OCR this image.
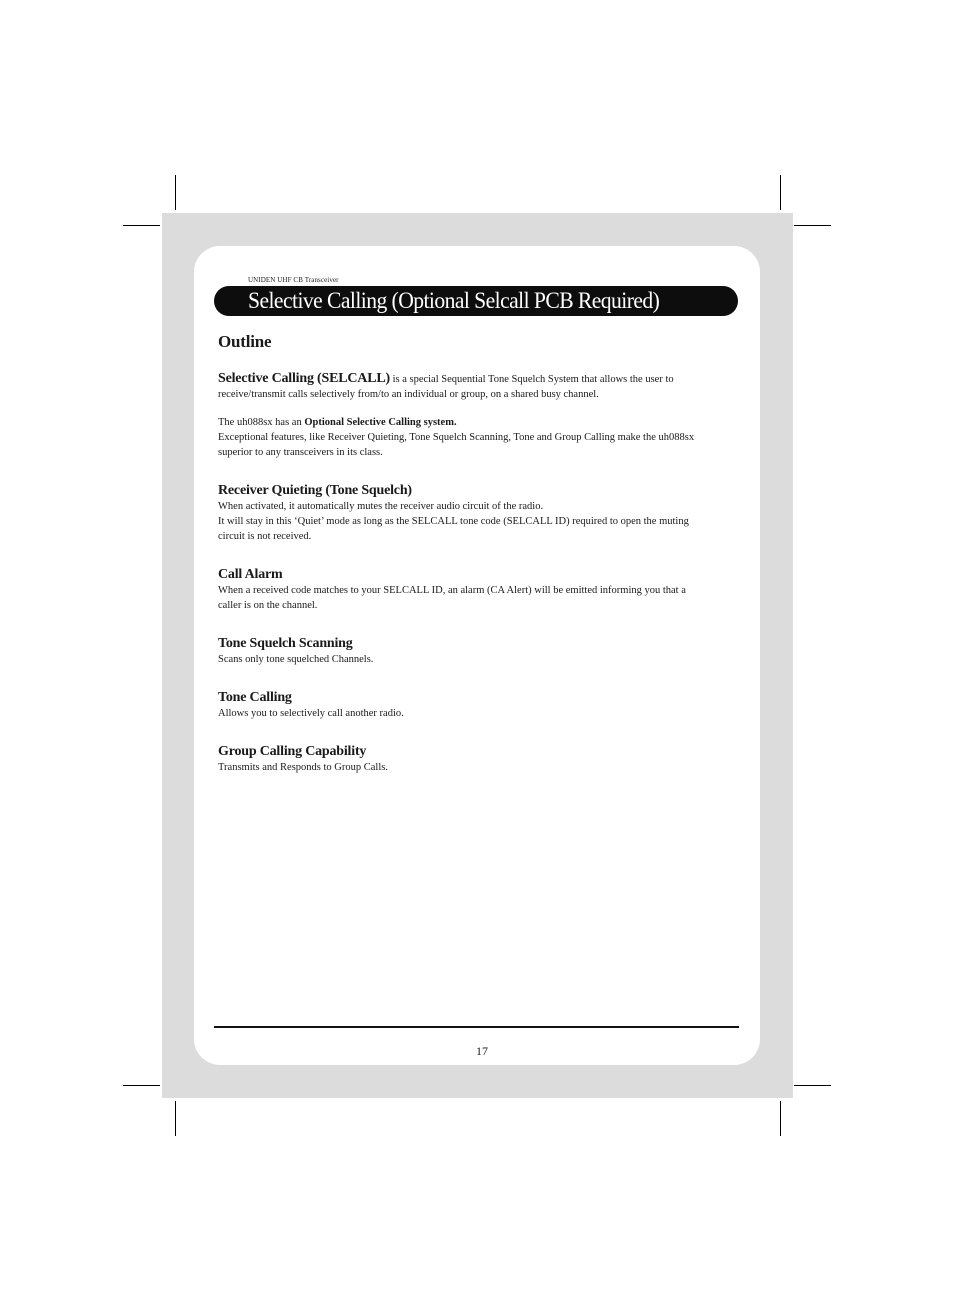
UNIDEN UHF CB Transceiver
Selective Calling (Optional Selcall PCB Required)
Outline

Selective Calling (SELCALL) is a special Sequential Tone Squelch System that allows the user to
receive/transmit calls selectively from/to an individual or group, on a shared busy channel.

The uh088sx has an Optional Selective Calling system.
Exceptional features, like Receiver Quieting, Tone Squelch Scanning, Tone and Group Calling make the uh088sx
superior to any transceivers in its class.

Receiver Quieting (Tone Squelch)

When activated, it automatically mutes the receiver audio circuit of the radio.
It will stay in this ‘Quiet’ mode as long as the SELCALL tone code (SELCALL ID) required to open the muting
circuit is not received.

Call Alarm

When a received code matches to your SELCALL ID, an alarm (CA Alert) will be emitted informing you that a
caller is on the channel.

Tone Squelch Scanning

Scans only tone squelched Channels.

Tone Calling

Allows you to selectively call another radio.

Group Calling Capability

Transmits and Responds to Group Calls.

17
